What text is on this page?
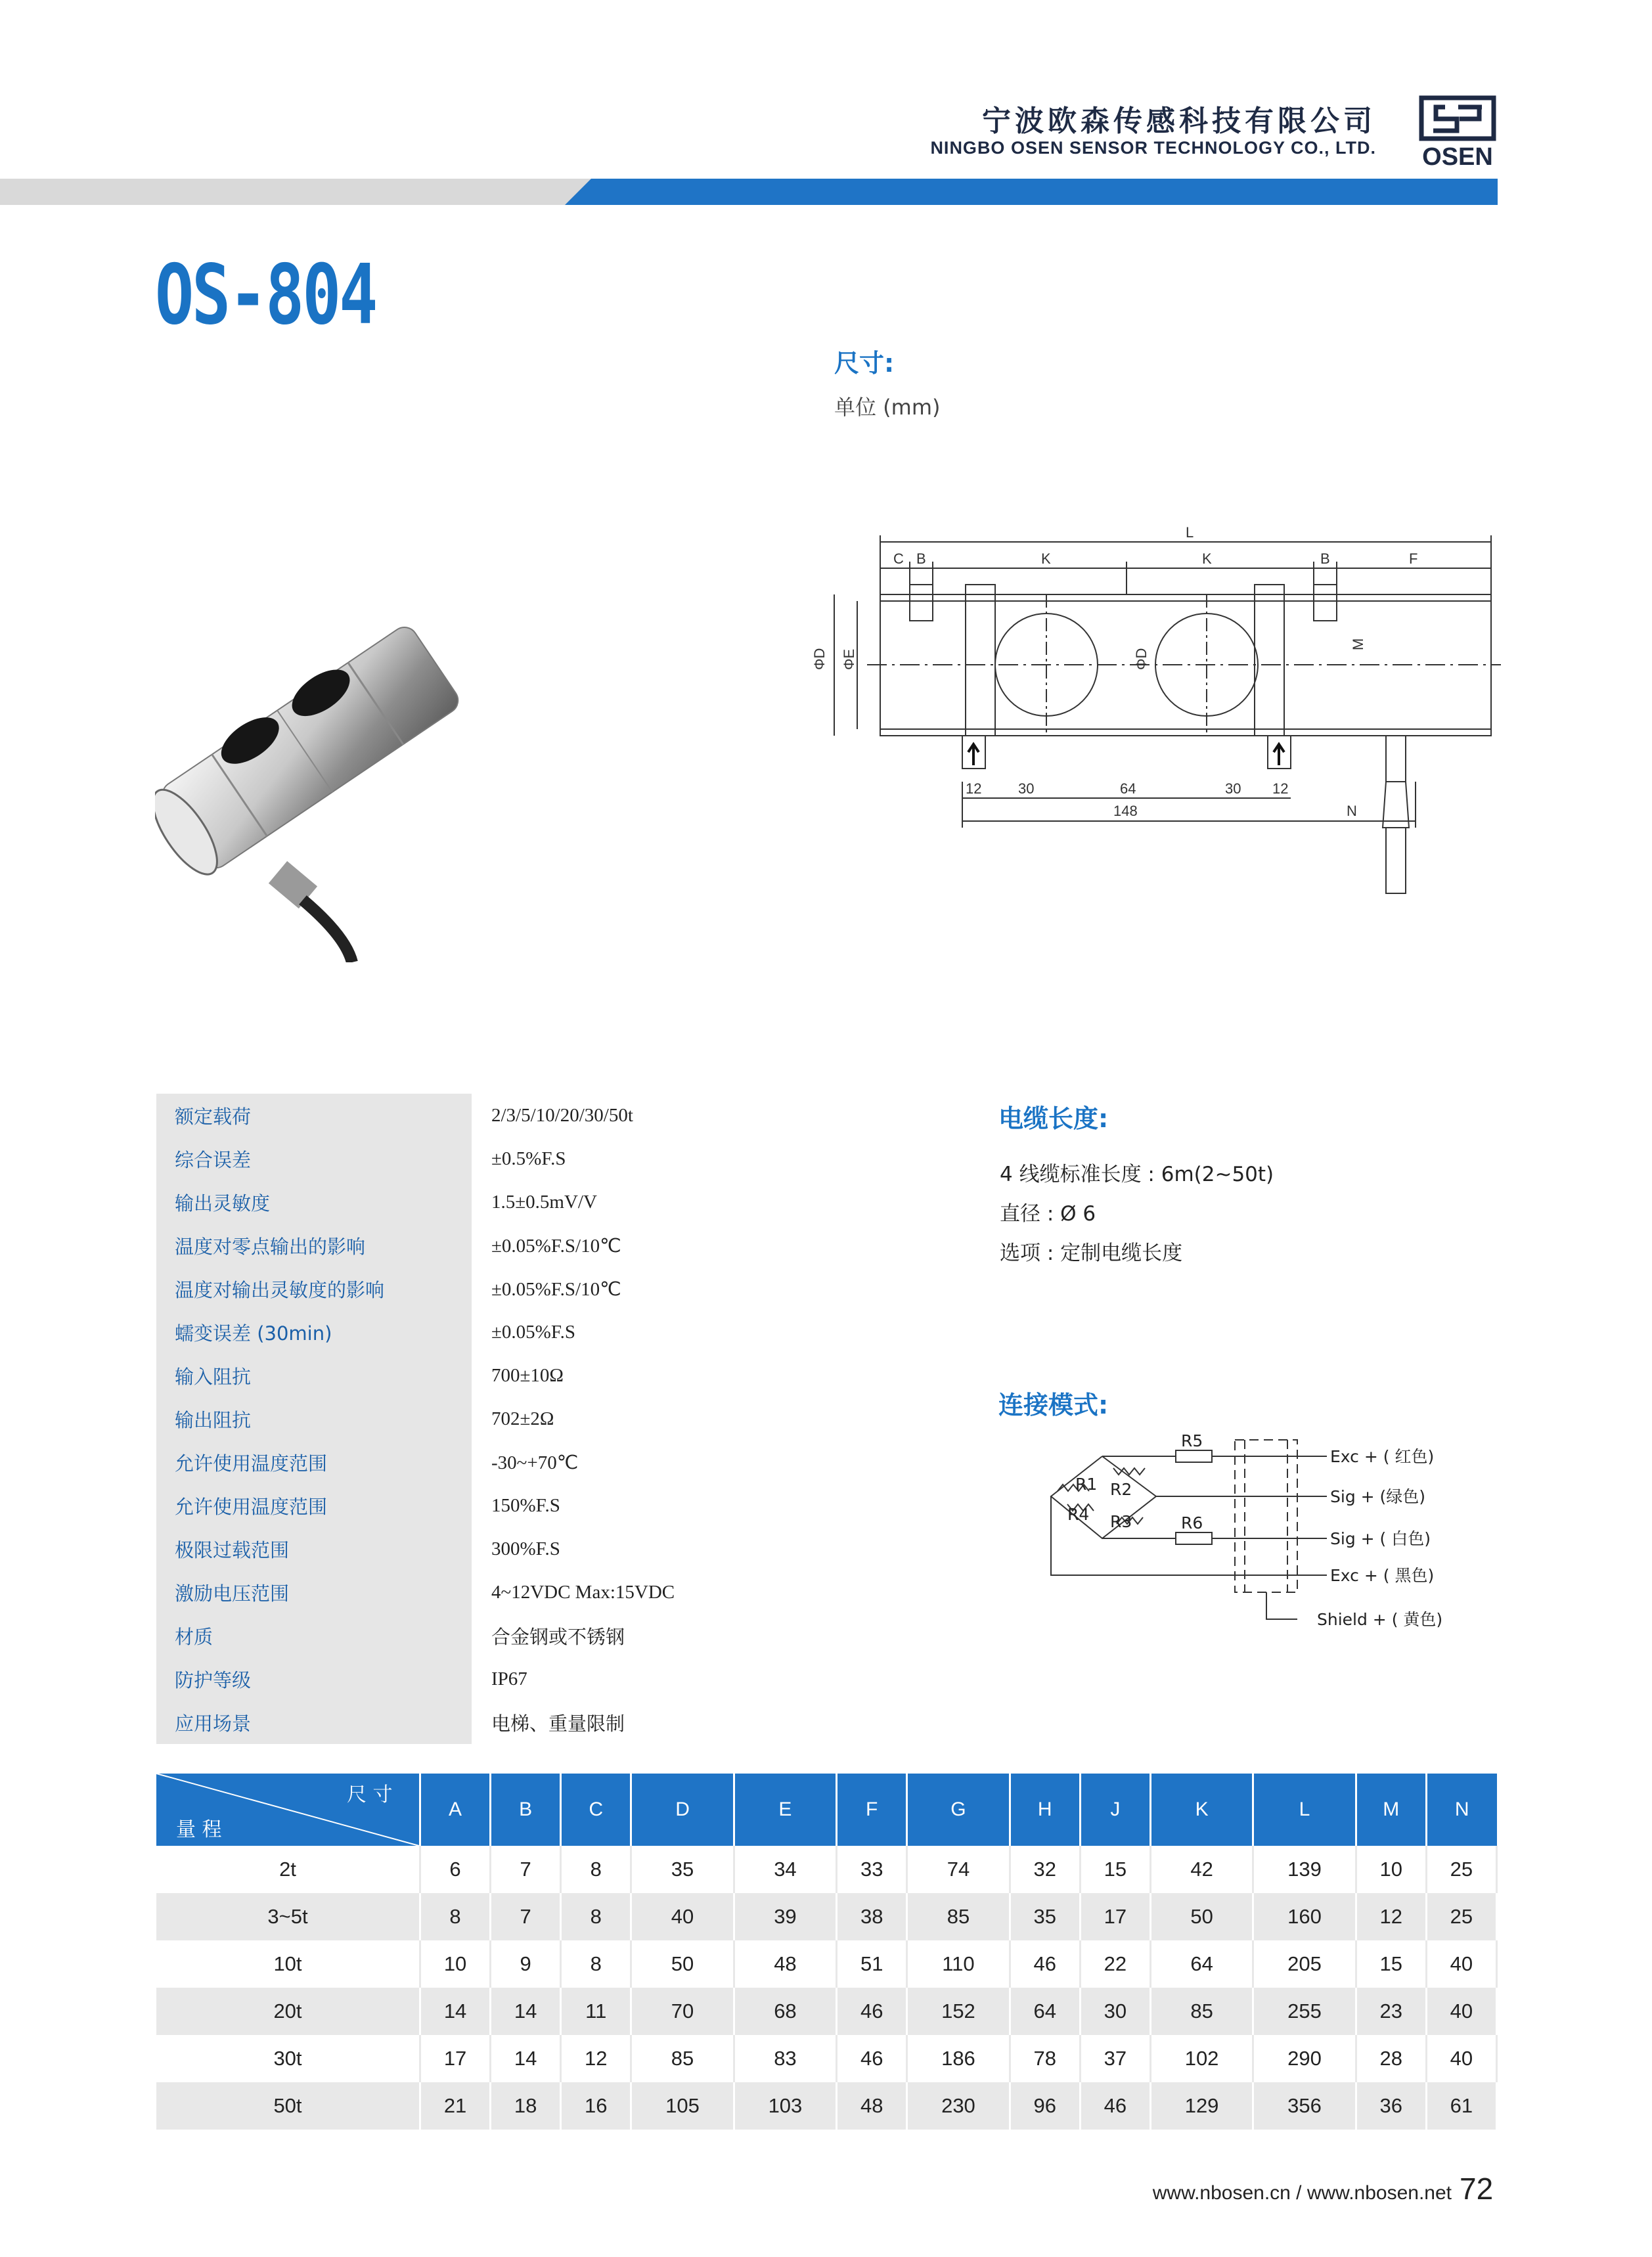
宁波欧森传感科技有限公司
NINGBO OSEN SENSOR TECHNOLOGY CO., LTD. OSEN
OS-804
尺寸:
单位 (mm)
L
C B	K	K	B	F
ΦD ΦE	ΦD
M
12	30	64	30 12
148	N
额定载荷	2/3/5/10/20/30/50t
综合误差	±0.5%F.S
输出灵敏度	1.5±0.5mV/V
温度对零点输出的影响	±0.05%F.S/10℃
温度对输出灵敏度的影响	±0.05%F.S/10℃
蠕变误差 (30min)	±0.05%F.S
输入阻抗	700±10Ω
输出阻抗	702±2Ω
允许使用温度范围	-30~+70℃
允许使用温度范围	150%F.S
极限过载范围	300%F.S
激励电压范围	4~12VDC Max:15VDC
材质	合金钢或不锈钢
防护等级	IP67
应用场景	电梯、重量限制
电缆长度:
4 线缆标准长度 : 6m(2~50t)
直径 : Ø 6
选项 : 定制电缆长度
连接模式:
R1 R2
R3
R4
R5
R6
Exc + ( 红色)
Sig + (绿色)
Sig + ( 白色)
Exc + ( 黑色)
Shield + ( 黄色)
尺 寸
量 程	A	B	C	D	E	F	G	H	J	K	L	M	N
2t	6	7	8	35	34	33	74	32	15	42	139	10	25
3~5t	8	7	8	40	39	38	85	35	17	50	160	12	25
10t	10	9	8	50	48	51	110	46	22	64	205	15	40
20t	14	14	11	70	68	46	152	64	30	85	255	23	40
30t	17	14	12	85	83	46	186	78	37	102	290	28	40
50t	21	18	16	105	103	48	230	96	46	129	356	36	61
www.nbosen.cn / www.nbosen.net 72
